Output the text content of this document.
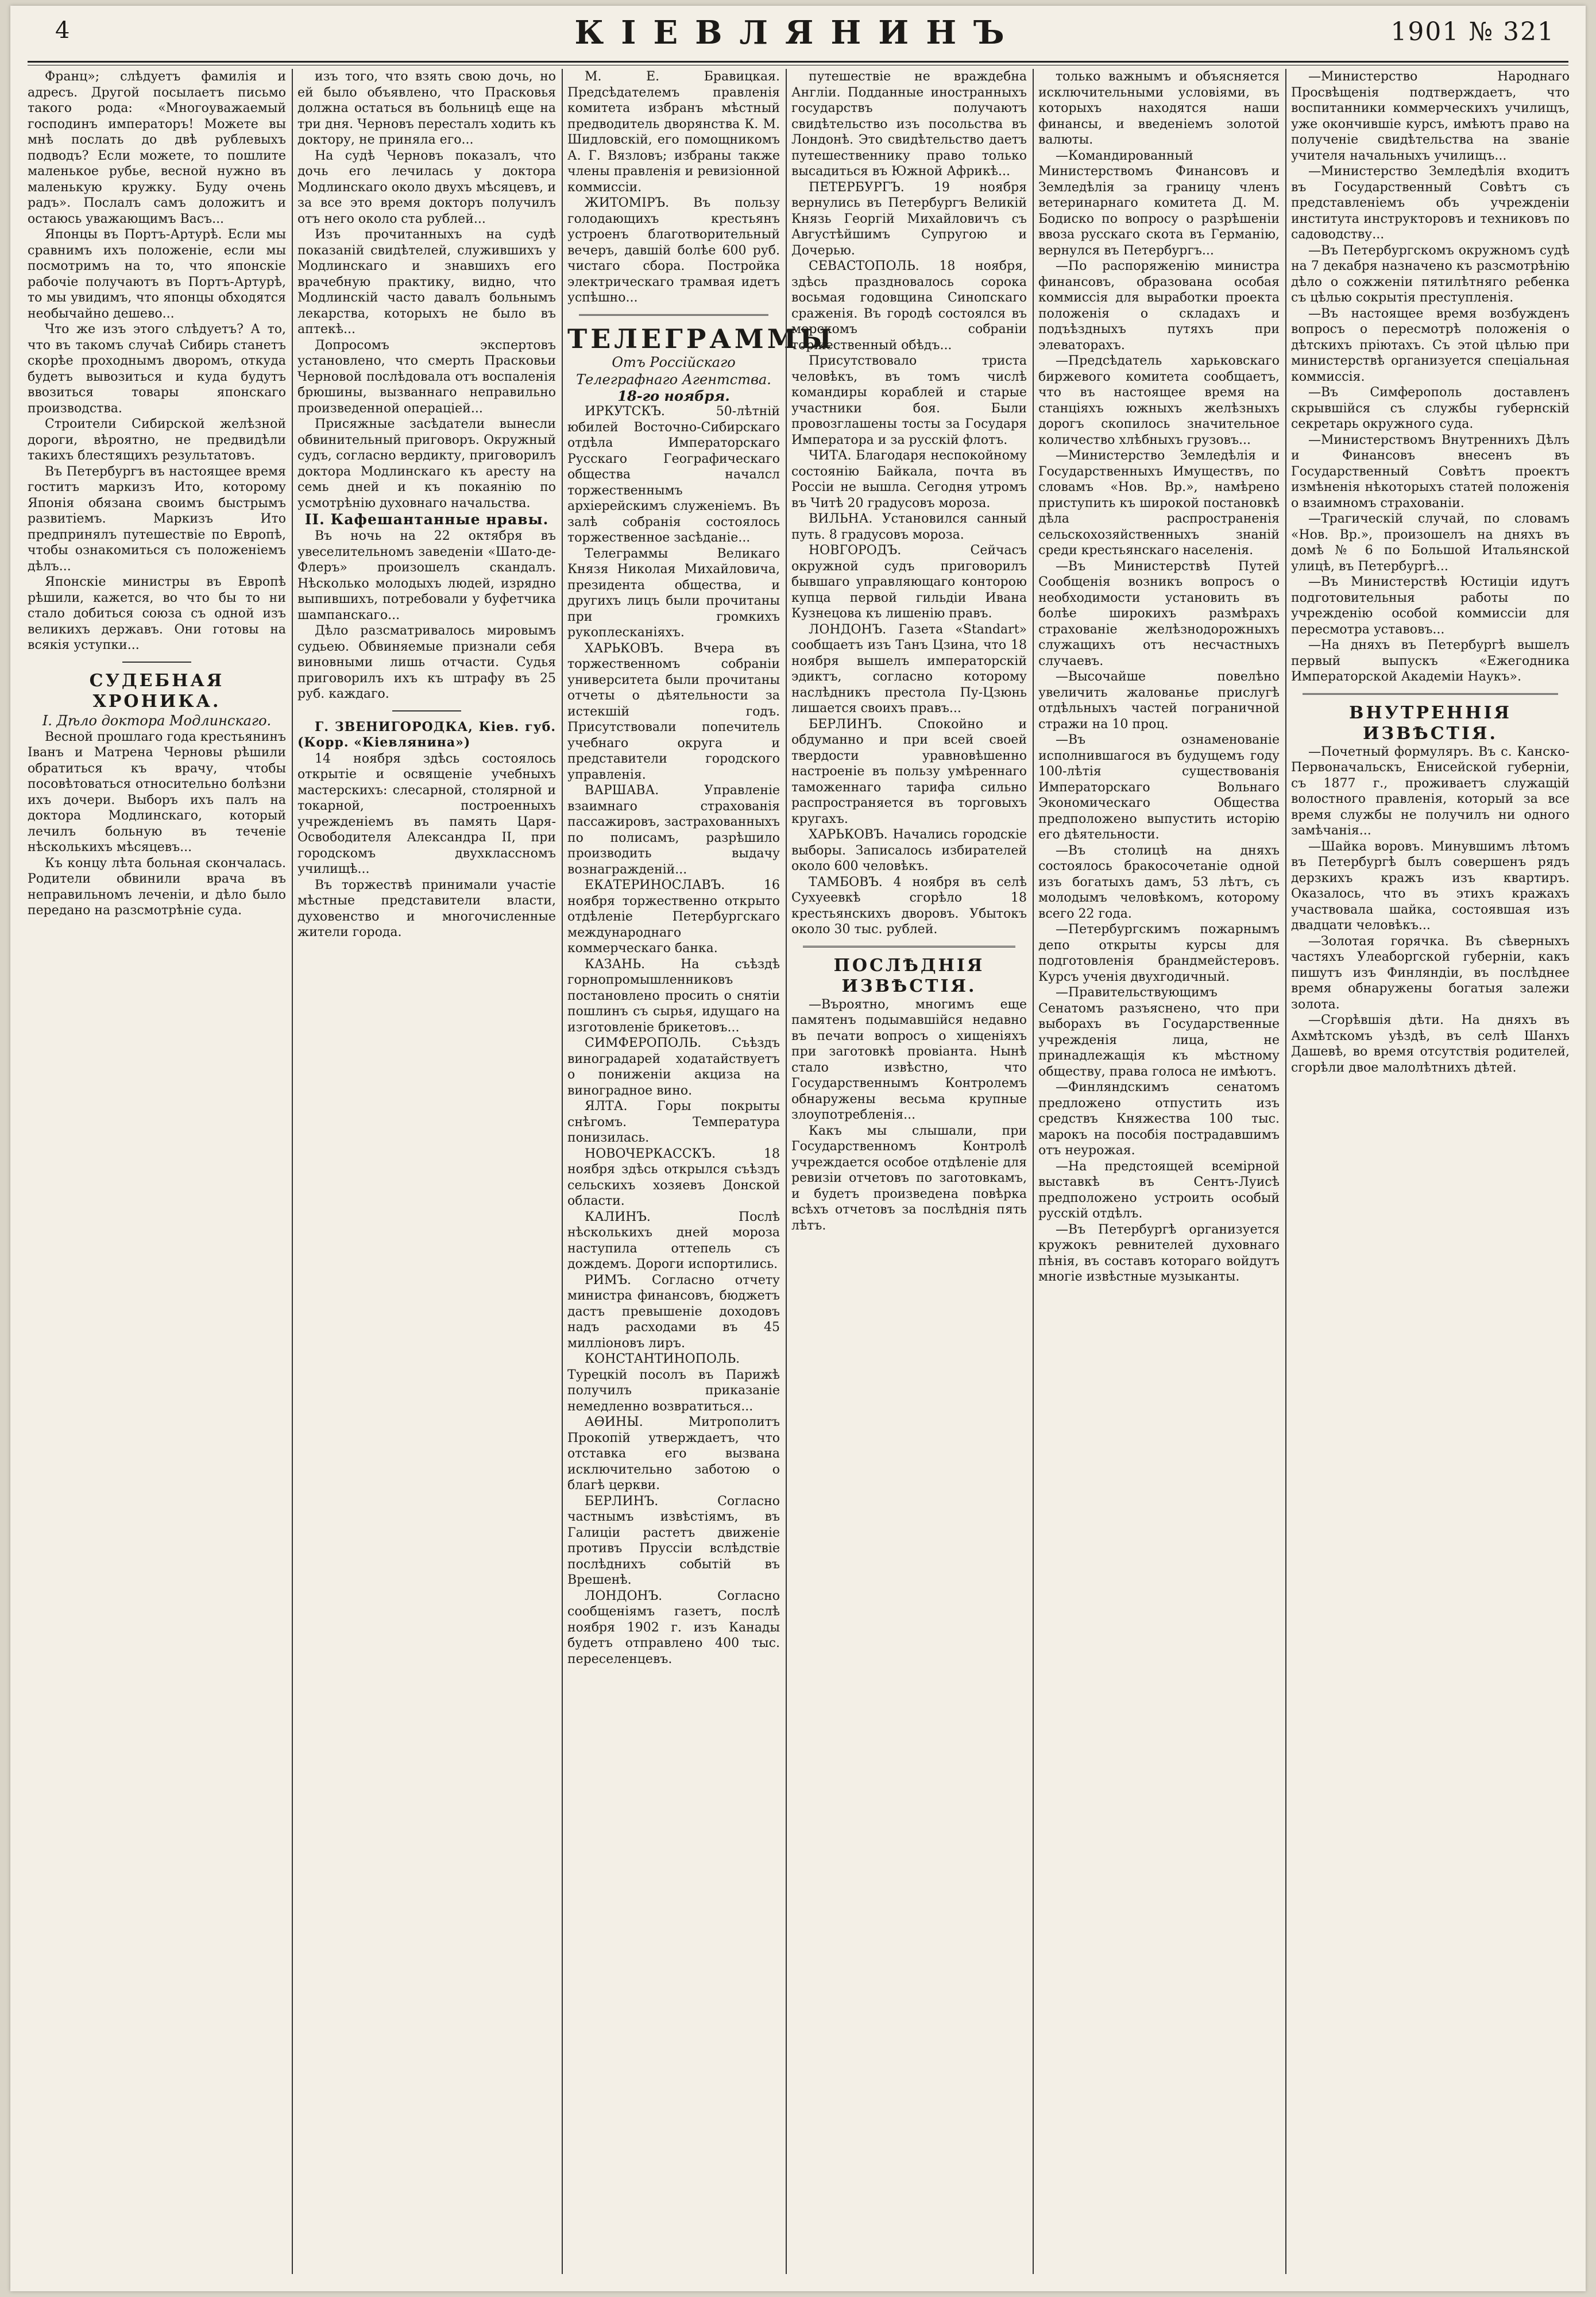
4	КІЕВЛЯНИНЪ	1901 № 321

Франц»; слѣдуетъ фамилія и адресъ. Другой посылаетъ письмо такого рода: «Многоуважаемый господинъ императоръ! Можете вы мнѣ послать до двѣ рублевыхъ подводъ? Если можете, то пошлите маленькое рубье, весной нужно въ маленькую кружку. Буду очень радъ». Послалъ самъ доложитъ и остаюсь уважающимъ Васъ...

Японцы въ Портъ-Артурѣ. Если мы сравнимъ ихъ положеніе, если мы посмотримъ на то, что японскіе рабочіе получаютъ въ Портъ-Артурѣ, то мы увидимъ, что японцы обходятся необычайно дешево...

Что же изъ этого слѣдуетъ? А то, что въ такомъ случаѣ Сибирь станетъ скорѣе проходнымъ дворомъ, откуда будетъ вывозиться и куда будутъ ввозиться товары японскаго производства.

Строители Сибирской желѣзной дороги, вѣроятно, не предвидѣли такихъ блестящихъ результатовъ.

Въ Петербургъ въ настоящее время гоститъ маркизъ Ито, которому Японія обязана своимъ быстрымъ развитіемъ. Маркизъ Ито предпринялъ путешествіе по Европѣ, чтобы ознакомиться съ положеніемъ дѣлъ...

Японскіе министры въ Европѣ рѣшили, кажется, во что бы то ни стало добиться союза съ одной изъ великихъ державъ. Они готовы на всякія уступки...

СУДЕБНАЯ ХРОНИКА.

I. Дѣло доктора Модлинскаго.

Весной прошлаго года крестьянинъ Іванъ и Матрена Черновы рѣшили обратиться къ врачу, чтобы посовѣтоваться относительно болѣзни ихъ дочери. Выборъ ихъ палъ на доктора Модлинскаго, который лечилъ больную въ теченіе нѣсколькихъ мѣсяцевъ...

Къ концу лѣта больная скончалась. Родители обвинили врача въ неправильномъ леченіи, и дѣло было передано на разсмотрѣніе суда.

изъ того, что взять свою дочь, но ей было объявлено, что Прасковья должна остаться въ больницѣ еще на три дня. Черновъ пересталъ ходить къ доктору, не приняла его...

На судѣ Черновъ показалъ, что дочь его лечилась у доктора Модлинскаго около двухъ мѣсяцевъ, и за все это время докторъ получилъ отъ него около ста рублей...

Изъ прочитанныхъ на судѣ показаній свидѣтелей, служившихъ у Модлинскаго и знавшихъ его врачебную практику, видно, что Модлинскій часто давалъ больнымъ лекарства, которыхъ не было въ аптекѣ...

Допросомъ экспертовъ установлено, что смерть Прасковьи Черновой послѣдовала отъ воспаленія брюшины, вызваннаго неправильно произведенной операціей...

Присяжные засѣдатели вынесли обвинительный приговоръ. Окружный судъ, согласно вердикту, приговорилъ доктора Модлинскаго къ аресту на семь дней и къ покаянію по усмотрѣнію духовнаго начальства.

II. Кафешантанные нравы.

Въ ночь на 22 октября въ увеселительномъ заведеніи «Шато-де-Флеръ» произошелъ скандалъ. Нѣсколько молодыхъ людей, изрядно выпившихъ, потребовали у буфетчика шампанскаго...

Дѣло разсматривалось мировымъ судьею. Обвиняемые признали себя виновными лишь отчасти. Судья приговорилъ ихъ къ штрафу въ 25 руб. каждаго.

Г. ЗВЕНИГОРОДКА, Кіев. губ. (Корр. «Кіевлянина»)

14 ноября здѣсь состоялось открытіе и освященіе учебныхъ мастерскихъ: слесарной, столярной и токарной, построенныхъ учрежденіемъ въ память Царя-Освободителя Александра II, при городскомъ двухклассномъ училищѣ...

Въ торжествѣ принимали участіе мѣстные представители власти, духовенство и многочисленные жители города.

М. Е. Бравицкая. Предсѣдателемъ правленія комитета избранъ мѣстный предводитель дворянства К. М. Шидловскій, его помощникомъ А. Г. Вязловъ; избраны также члены правленія и ревизіонной коммиссіи.

ЖИТОМІРЪ. Въ пользу голодающихъ крестьянъ устроенъ благотворительный вечеръ, давшій болѣе 600 руб. чистаго сбора. Постройка электрическаго трамвая идетъ успѣшно...

ТЕЛЕГРАММЫ

Отъ Россійскаго Телеграфнаго Агентства.

18-го ноября.

ИРКУТСКЪ. 50-лѣтній юбилей Восточно-Сибирскаго отдѣла Императорскаго Русскаго Географическаго общества началсл торжественнымъ архіерейскимъ служеніемъ. Въ залѣ собранія состоялось торжественное засѣданіе...

Телеграммы Великаго Князя Николая Михайловича, президента общества, и другихъ лицъ были прочитаны при громкихъ рукоплесканіяхъ.

ХАРЬКОВЪ. Вчера въ торжественномъ собраніи университета были прочитаны отчеты о дѣятельности за истекшій годъ. Присутствовали попечитель учебнаго округа и представители городского управленія.

ВАРШАВА. Управленіе взаимнаго страхованія пассажировъ, застрахованныхъ по полисамъ, разрѣшило производить выдачу вознагражденій...

ЕКАТЕРИНОСЛАВЪ. 16 ноября торжественно открыто отдѣленіе Петербургскаго международнаго коммерческаго банка.

КАЗАНЬ. На съѣздѣ горнопромышленниковъ постановлено просить о снятіи пошлинъ съ сырья, идущаго на изготовленіе брикетовъ...

СИМФЕРОПОЛЬ. Съѣздъ виноградарей ходатайствуетъ о пониженіи акциза на виноградное вино.

ЯЛТА. Горы покрыты снѣгомъ. Температура понизилась.

НОВОЧЕРКАССКЪ. 18 ноября здѣсь открылся съѣздъ сельскихъ хозяевъ Донской области.

КАЛИНЪ. Послѣ нѣсколькихъ дней мороза наступила оттепель съ дождемъ. Дороги испортились.

РИМЪ. Согласно отчету министра финансовъ, бюджетъ дастъ превышеніе доходовъ надъ расходами въ 45 милліоновъ лиръ.

КОНСТАНТИНОПОЛЬ. Турецкій посолъ въ Парижѣ получилъ приказаніе немедленно возвратиться...

АѲИНЫ. Митрополитъ Прокопій утверждаетъ, что отставка его вызвана исключительно заботою о благѣ церкви.

БЕРЛИНЪ. Согласно частнымъ извѣстіямъ, въ Галиціи растетъ движеніе противъ Пруссіи вслѣдствіе послѣднихъ событій въ Врешенѣ.

ЛОНДОНЪ. Согласно сообщеніямъ газетъ, послѣ ноября 1902 г. изъ Канады будетъ отправлено 400 тыс. переселенцевъ.

путешествіе не враждебна Англіи. Подданные иностранныхъ государствъ получаютъ свидѣтельство изъ посольства въ Лондонѣ. Это свидѣтельство даетъ путешественнику право только высадиться въ Южной Африкѣ...

ПЕТЕРБУРГЪ. 19 ноября вернулись въ Петербургъ Великій Князь Георгій Михайловичъ съ Августѣйшимъ Супругою и Дочерью.

СЕВАСТОПОЛЬ. 18 ноября, здѣсь праздновалось сорока восьмая годовщина Синопскаго сраженія. Въ городѣ состоялся въ морскомъ собраніи торжественный обѣдъ...

Присутствовало триста человѣкъ, въ томъ числѣ командиры кораблей и старые участники боя. Были провозглашены тосты за Государя Императора и за русскій флотъ.

ЧИТА. Благодаря неспокойному состоянію Байкала, почта въ Россіи не вышла. Сегодня утромъ въ Читѣ 20 градусовъ мороза.

ВИЛЬНА. Установился санный путь. 8 градусовъ мороза.

НОВГОРОДЪ. Сейчасъ окружной судъ приговорилъ бывшаго управляющаго конторою купца первой гильдіи Ивана Кузнецова къ лишенію правъ.

ЛОНДОНЪ. Газета «Standart» сообщаетъ изъ Танъ Цзина, что 18 ноября вышелъ императорскій эдиктъ, согласно которому наслѣдникъ престола Пу-Цзюнь лишается своихъ правъ...

БЕРЛИНЪ. Спокойно и обдуманно и при всей своей твердости уравновѣшенно настроеніе въ пользу умѣреннаго таможеннаго тарифа сильно распространяется въ торговыхъ кругахъ.

ХАРЬКОВЪ. Начались городскіе выборы. Записалось избирателей около 600 человѣкъ.

ТАМБОВЪ. 4 ноября въ селѣ Сухуеевкѣ сгорѣло 18 крестьянскихъ дворовъ. Убытокъ около 30 тыс. рублей.

ПОСЛѢДНІЯ ИЗВѢСТІЯ.

—Въроятно, многимъ еще памятенъ подымавшійся недавно въ печати вопросъ о хищеніяхъ при заготовкѣ провіанта. Нынѣ стало извѣстно, что Государственнымъ Контролемъ обнаружены весьма крупные злоупотребленія...

Какъ мы слышали, при Государственномъ Контролѣ учреждается особое отдѣленіе для ревизіи отчетовъ по заготовкамъ, и будетъ произведена повѣрка всѣхъ отчетовъ за послѣднія пять лѣтъ.

только важнымъ и объясняется исключительными условіями, въ которыхъ находятся наши финансы, и введеніемъ золотой валюты.

—Командированный Министерствомъ Финансовъ и Земледѣлія за границу членъ ветеринарнаго комитета Д. М. Бодиско по вопросу о разрѣшеніи ввоза русскаго скота въ Германію, вернулся въ Петербургъ...

—По распоряженію министра финансовъ, образована особая коммиссія для выработки проекта положенія о складахъ и подъѣздныхъ путяхъ при элеваторахъ.

—Предсѣдатель харьковскаго биржевого комитета сообщаетъ, что въ настоящее время на станціяхъ южныхъ желѣзныхъ дорогъ скопилось значительное количество хлѣбныхъ грузовъ...

—Министерство Земледѣлія и Государственныхъ Имуществъ, по словамъ «Нов. Вр.», намѣрено приступить къ широкой постановкѣ дѣла распространенія сельскохозяйственныхъ знаній среди крестьянскаго населенія.

—Въ Министерствѣ Путей Сообщенія возникъ вопросъ о необходимости установить въ болѣе широкихъ размѣрахъ страхованіе желѣзнодорожныхъ служащихъ отъ несчастныхъ случаевъ.

—Высочайше повелѣно увеличить жалованье прислугѣ отдѣльныхъ частей пограничной стражи на 10 проц.

—Въ ознаменованіе исполнившагося въ будущемъ году 100-лѣтія существованія Императорскаго Вольнаго Экономическаго Общества предположено выпустить исторію его дѣятельности.

—Въ столицѣ на дняхъ состоялось бракосочетаніе одной изъ богатыхъ дамъ, 53 лѣтъ, съ молодымъ человѣкомъ, которому всего 22 года.

—Петербургскимъ пожарнымъ депо открыты курсы для подготовленія брандмейстеровъ. Курсъ ученія двухгодичный.

—Правительствующимъ Сенатомъ разъяснено, что при выборахъ въ Государственные учрежденія лица, не принадлежащія къ мѣстному обществу, права голоса не имѣютъ.

—Финляндскимъ сенатомъ предложено отпустить изъ средствъ Княжества 100 тыс. марокъ на пособія пострадавшимъ отъ неурожая.

—На предстоящей всемірной выставкѣ въ Сентъ-Луисѣ предположено устроить особый русскій отдѣлъ.

—Въ Петербургѣ организуется кружокъ ревнителей духовнаго пѣнія, въ составъ котораго войдутъ многіе извѣстные музыканты.

—Министерство Народнаго Просвѣщенія подтверждаетъ, что воспитанники коммерческихъ училищъ, уже окончившіе курсъ, имѣютъ право на полученіе свидѣтельства на званіе учителя начальныхъ училищъ...

—Министерство Земледѣлія входитъ въ Государственный Совѣтъ съ представленіемъ объ учрежденіи института инструкторовъ и техниковъ по садоводству...

—Въ Петербургскомъ окружномъ судѣ на 7 декабря назначено къ разсмотрѣнію дѣло о сожженіи пятилѣтняго ребенка съ цѣлью сокрытія преступленія.

—Въ настоящее время возбужденъ вопросъ о пересмотрѣ положенія о дѣтскихъ пріютахъ. Съ этой цѣлью при министерствѣ организуется спеціальная коммиссія.

—Въ Симферополь доставленъ скрывшійся съ службы губернскій секретарь окружного суда.

—Министерствомъ Внутреннихъ Дѣлъ и Финансовъ внесенъ въ Государственный Совѣтъ проектъ измѣненія нѣкоторыхъ статей положенія о взаимномъ страхованіи.

—Трагическій случай, по словамъ «Нов. Вр.», произошелъ на дняхъ въ домѣ № 6 по Большой Итальянской улицѣ, въ Петербургѣ...

—Въ Министерствѣ Юстиціи идутъ подготовительныя работы по учрежденію особой коммиссіи для пересмотра уставовъ...

—На дняхъ въ Петербургѣ вышелъ первый выпускъ «Ежегодника Императорской Академіи Наукъ».

ВНУТРЕННІЯ ИЗВѢСТІЯ.

—Почетный формуляръ. Въ с. Канско-Первоначальскъ, Енисейской губерніи, съ 1877 г., проживаетъ служащій волостного правленія, который за все время службы не получилъ ни одного замѣчанія...

—Шайка воровъ. Минувшимъ лѣтомъ въ Петербургѣ былъ совершенъ рядъ дерзкихъ кражъ изъ квартиръ. Оказалось, что въ этихъ кражахъ участвовала шайка, состоявшая изъ двадцати человѣкъ...

—Золотая горячка. Въ сѣверныхъ частяхъ Улеаборгской губерніи, какъ пишутъ изъ Финляндіи, въ послѣднее время обнаружены богатыя залежи золота.

—Сгорѣвшія дѣти. На дняхъ въ Ахмѣтскомъ уѣздѣ, въ селѣ Шанхъ Дашевѣ, во время отсутствія родителей, сгорѣли двое малолѣтнихъ дѣтей.
